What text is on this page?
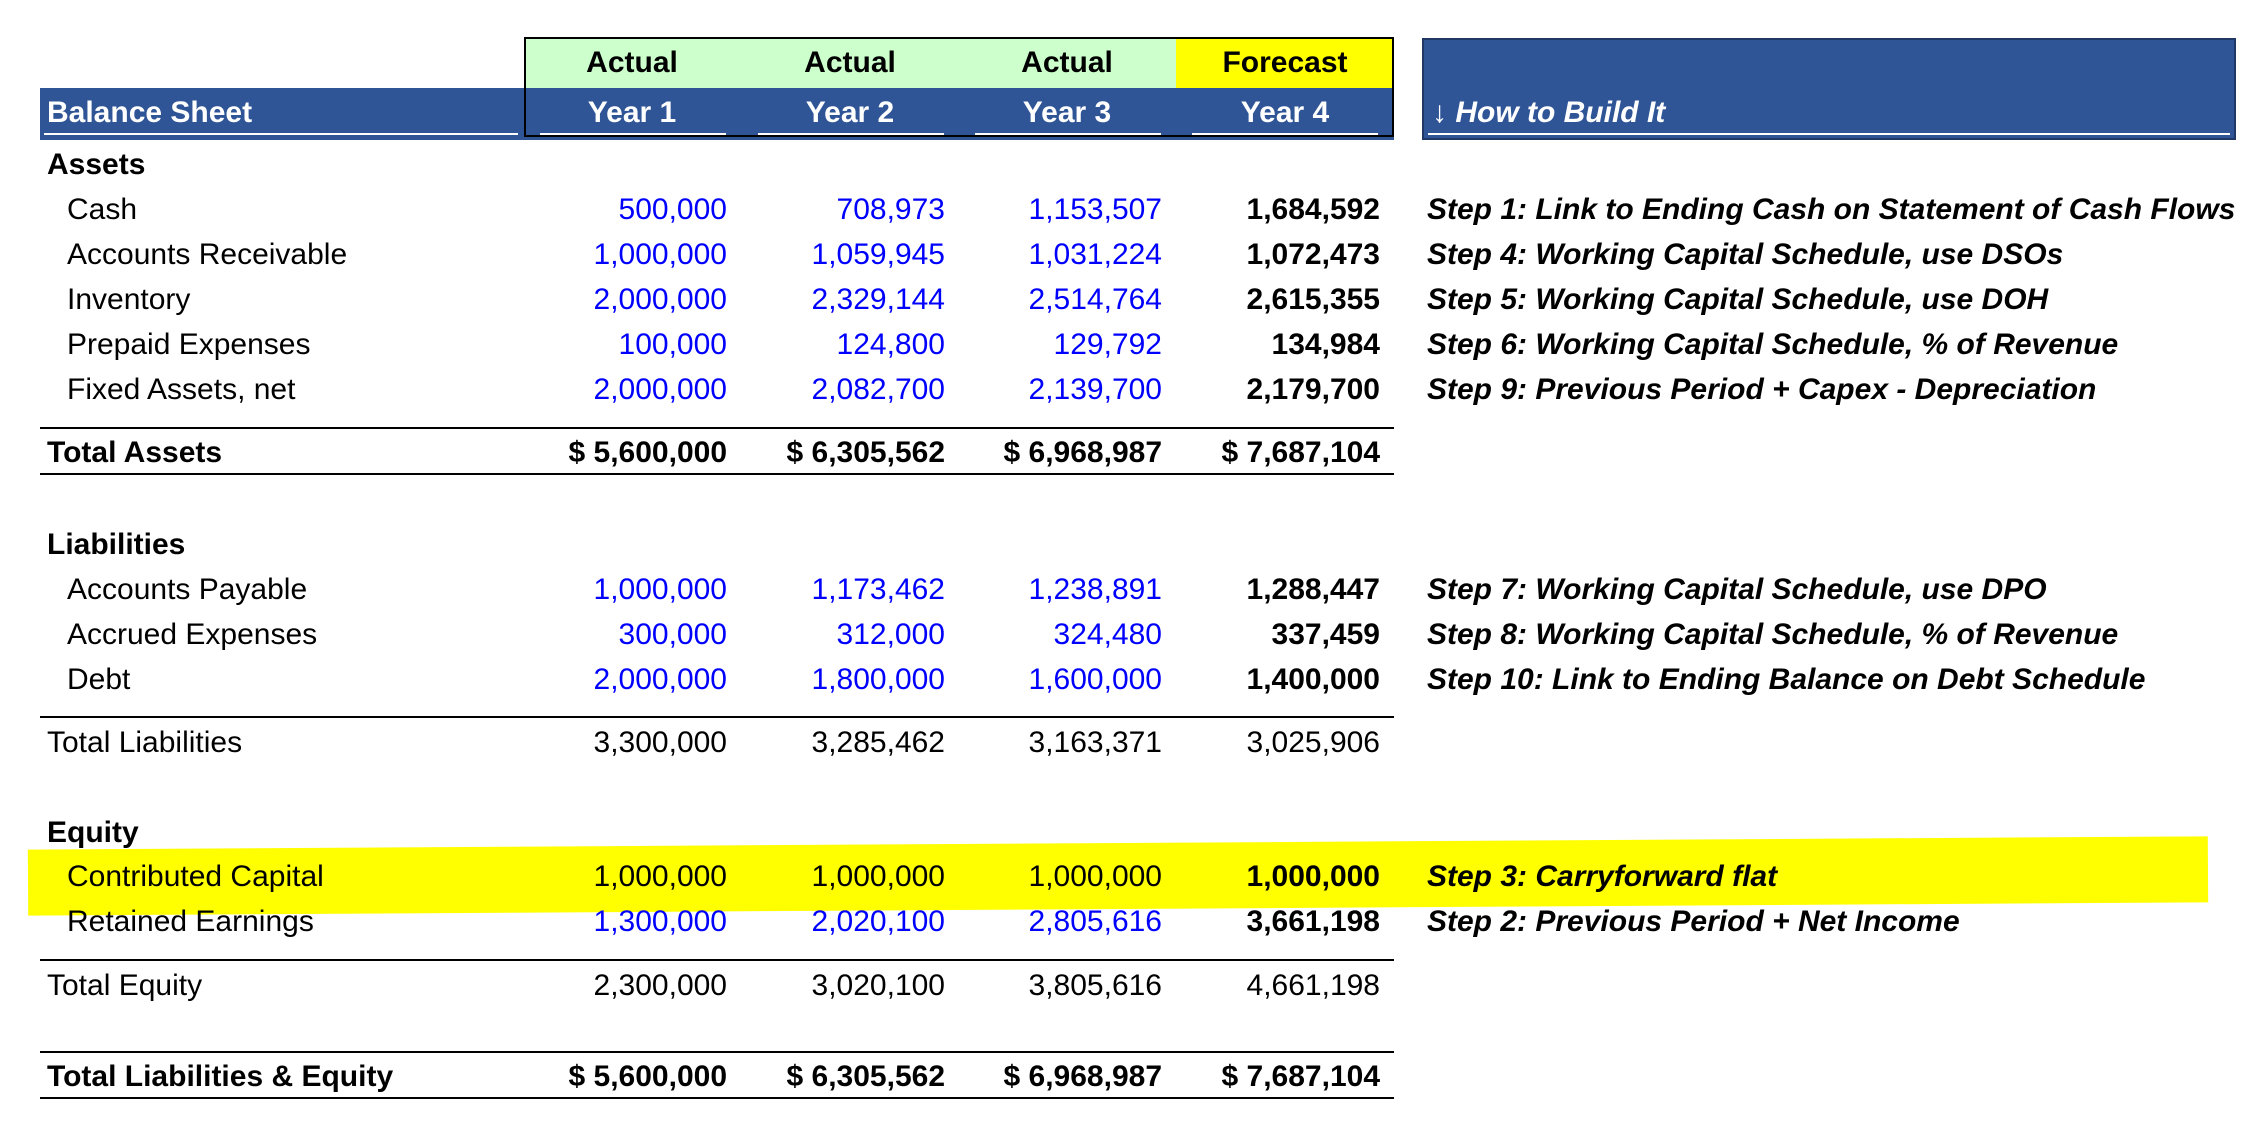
Actual	Actual	Actual	Forecast
Balance Sheet	Year 1	Year 2	Year 3	Year 4	↓ How to Build It
Assets
Cash	500,000	708,973	1,153,507	1,684,592 Step 1: Link to Ending Cash on Statement of Cash Flows
Accounts Receivable	1,000,000	1,059,945	1,031,224	1,072,473 Step 4: Working Capital Schedule, use DSOs
Inventory	2,000,000	2,329,144	2,514,764	2,615,355 Step 5: Working Capital Schedule, use DOH
Prepaid Expenses	100,000	124,800	129,792	134,984 Step 6: Working Capital Schedule, % of Revenue
Fixed Assets, net	2,000,000	2,082,700	2,139,700	2,179,700 Step 9: Previous Period + Capex - Depreciation
Total Assets	$ 5,600,000	$ 6,305,562	$ 6,968,987	$ 7,687,104
Liabilities
Accounts Payable	1,000,000	1,173,462	1,238,891	1,288,447 Step 7: Working Capital Schedule, use DPO
Accrued Expenses	300,000	312,000	324,480	337,459 Step 8: Working Capital Schedule, % of Revenue
Debt	2,000,000	1,800,000	1,600,000	1,400,000 Step 10: Link to Ending Balance on Debt Schedule
Total Liabilities	3,300,000	3,285,462	3,163,371	3,025,906
Equity
Contributed Capital	1,000,000	1,000,000	1,000,000	1,000,000 Step 3: Carryforward flat
Retained Earnings	1,300,000	2,020,100	2,805,616	3,661,198 Step 2: Previous Period + Net Income
Total Equity	2,300,000	3,020,100	3,805,616	4,661,198
Total Liabilities & Equity	$ 5,600,000	$ 6,305,562	$ 6,968,987	$ 7,687,104
